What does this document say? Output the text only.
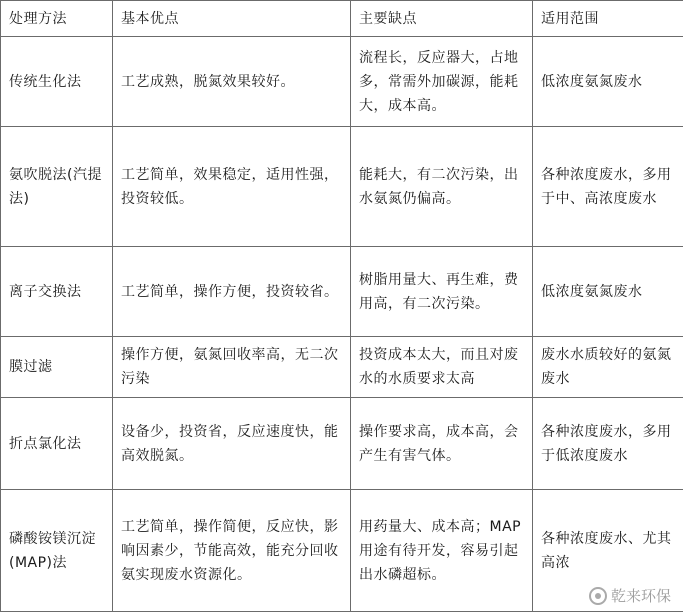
处理方法	基本优点	主要缺点	适用范围
传统生化法	工艺成熟，脱氮效果较好。	流程长，反应器大，占地多，常需外加碳源，能耗大，成本高。	低浓度氨氮废水
氨吹脱法(汽提法)	工艺简单，效果稳定，适用性强，投资较低。	能耗大，有二次污染，出水氨氮仍偏高。	各种浓度废水，多用于中、高浓度废水
离子交换法	工艺简单，操作方便，投资较省。	树脂用量大、再生难，费用高，有二次污染。	低浓度氨氮废水
膜过滤	操作方便，氨氮回收率高，无二次污染	投资成本太大，而且对废水的水质要求太高	废水水质较好的氨氮废水
折点氯化法	设备少，投资省，反应速度快，能高效脱氮。	操作要求高，成本高，会产生有害气体。	各种浓度废水，多用于低浓度废水
磷酸铵镁沉淀(MAP)法	工艺简单，操作简便，反应快，影响因素少，节能高效，能充分回收氨实现废水资源化。	用药量大、成本高；MAP用途有待开发，容易引起出水磷超标。	各种浓度废水、尤其高浓
乾来环保
